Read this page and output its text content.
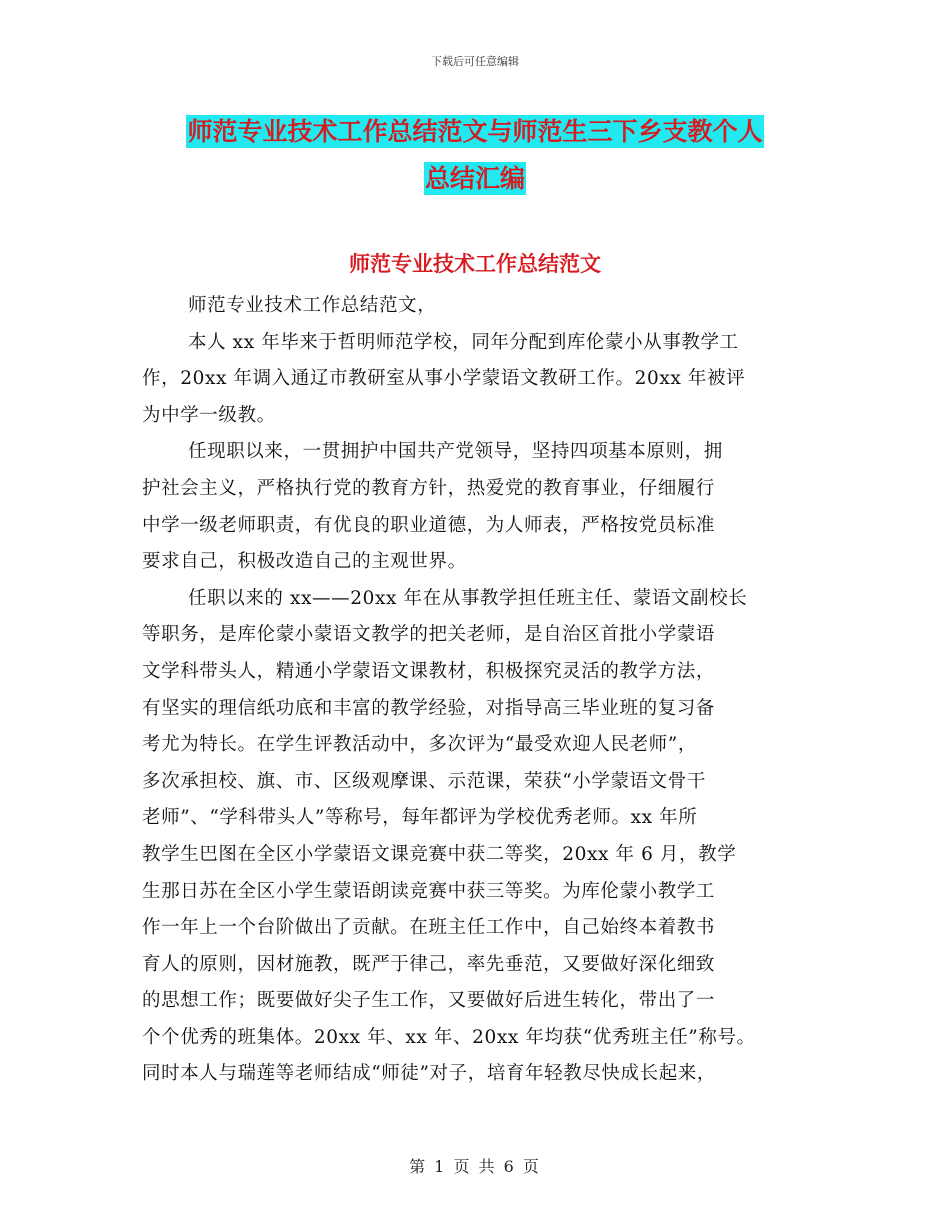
下载后可任意编辑
师范专业技术工作总结范文与师范生三下乡支教个人
总结汇编
师范专业技术工作总结范文
师范专业技术工作总结范文，
本人 xx 年毕来于哲明师范学校，同年分配到库伦蒙小从事教学工
作，20xx 年调入通辽市教研室从事小学蒙语文教研工作。20xx 年被评
为中学一级教。
任现职以来，一贯拥护中国共产党领导，坚持四项基本原则，拥
护社会主义，严格执行党的教育方针，热爱党的教育事业，仔细履行
中学一级老师职责，有优良的职业道德，为人师表，严格按党员标准
要求自己，积极改造自己的主观世界。
任职以来的 xx——20xx 年在从事教学担任班主任、蒙语文副校长
等职务，是库伦蒙小蒙语文教学的把关老师，是自治区首批小学蒙语
文学科带头人，精通小学蒙语文课教材，积极探究灵活的教学方法，
有坚实的理信纸功底和丰富的教学经验，对指导高三毕业班的复习备
考尤为特长。在学生评教活动中，多次评为“最受欢迎人民老师”，
多次承担校、旗、市、区级观摩课、示范课，荣获“小学蒙语文骨干
老师”、“学科带头人”等称号，每年都评为学校优秀老师。xx 年所
教学生巴图在全区小学蒙语文课竞赛中获二等奖，20xx 年 6 月，教学
生那日苏在全区小学生蒙语朗读竞赛中获三等奖。为库伦蒙小教学工
作一年上一个台阶做出了贡献。在班主任工作中，自己始终本着教书
育人的原则，因材施教，既严于律己，率先垂范，又要做好深化细致
的思想工作；既要做好尖子生工作，又要做好后进生转化，带出了一
个个优秀的班集体。20xx 年、xx 年、20xx 年均获“优秀班主任”称号。
同时本人与瑞莲等老师结成“师徒”对子，培育年轻教尽快成长起来，
第 1 页 共 6 页
